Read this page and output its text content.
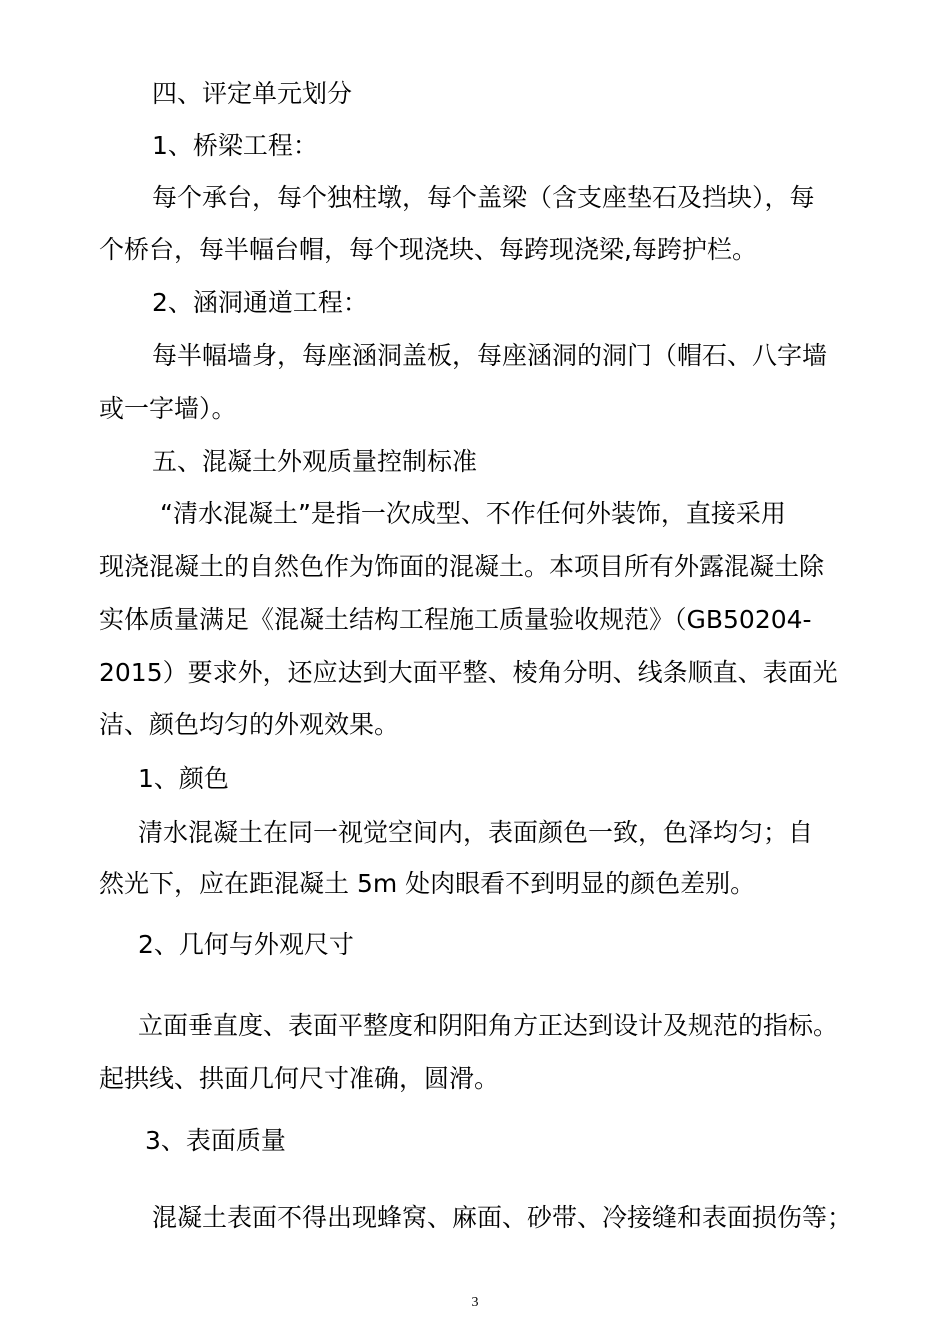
四、评定单元划分

1、桥梁工程：

每个承台，每个独柱墩，每个盖梁（含支座垫石及挡块），每

个桥台，每半幅台帽，每个现浇块、每跨现浇梁,每跨护栏。

2、涵洞通道工程：

每半幅墙身，每座涵洞盖板，每座涵洞的洞门（帽石、八字墙

或一字墙）。

五、混凝土外观质量控制标准

“清水混凝土”是指一次成型、不作任何外装饰，直接采用

现浇混凝土的自然色作为饰面的混凝土。本项目所有外露混凝土除

实体质量满足《混凝土结构工程施工质量验收规范》（GB50204-

2015）要求外，还应达到大面平整、棱角分明、线条顺直、表面光

洁、颜色均匀的外观效果。

1、颜色

清水混凝土在同一视觉空间内，表面颜色一致，色泽均匀；自

然光下，应在距混凝土 5m 处肉眼看不到明显的颜色差别。

2、几何与外观尺寸

立面垂直度、表面平整度和阴阳角方正达到设计及规范的指标。

起拱线、拱面几何尺寸准确，圆滑。

3、表面质量

混凝土表面不得出现蜂窝、麻面、砂带、冷接缝和表面损伤等；

3
